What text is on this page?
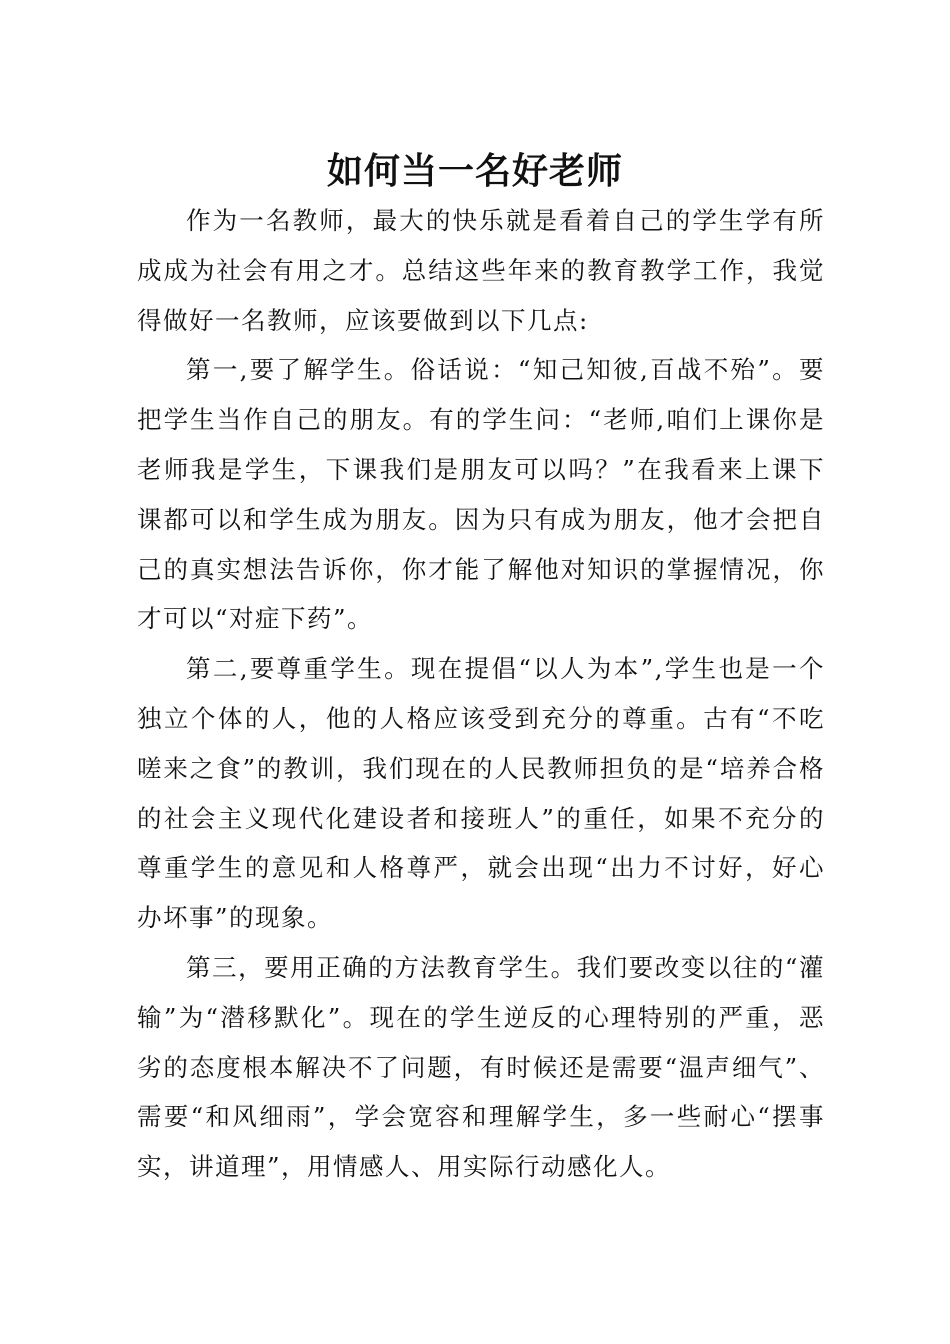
如何当一名好老师

作为一名教师，最大的快乐就是看着自己的学生学有所成成为社会有用之才。总结这些年来的教育教学工作，我觉得做好一名教师，应该要做到以下几点:

第一,要了解学生。俗话说：“知己知彼,百战不殆”。要把学生当作自己的朋友。有的学生问：“老师,咱们上课你是老师我是学生，下课我们是朋友可以吗？”在我看来上课下课都可以和学生成为朋友。因为只有成为朋友，他才会把自己的真实想法告诉你，你才能了解他对知识的掌握情况，你才可以“对症下药”。

第二,要尊重学生。现在提倡“以人为本”,学生也是一个独立个体的人，他的人格应该受到充分的尊重。古有“不吃嗟来之食”的教训，我们现在的人民教师担负的是“培养合格的社会主义现代化建设者和接班人”的重任，如果不充分的尊重学生的意见和人格尊严，就会出现“出力不讨好，好心办坏事”的现象。

第三，要用正确的方法教育学生。我们要改变以往的“灌输”为“潜移默化”。现在的学生逆反的心理特别的严重，恶劣的态度根本解决不了问题，有时候还是需要“温声细气”、需要“和风细雨”，学会宽容和理解学生，多一些耐心“摆事实，讲道理”，用情感人、用实际行动感化人。
